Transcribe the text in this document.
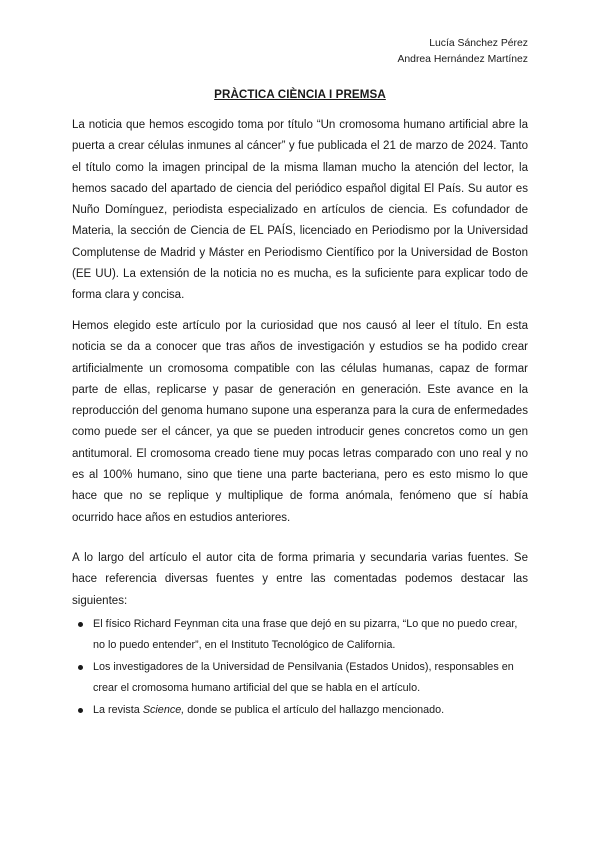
Lucía Sánchez Pérez
Andrea Hernández Martínez
PRÀCTICA CIÈNCIA I PREMSA

La noticia que hemos escogido toma por título “Un cromosoma humano artificial abre la puerta a crear células inmunes al cáncer” y fue publicada el 21 de marzo de 2024. Tanto el título como la imagen principal de la misma llaman mucho la atención del lector, la hemos sacado del apartado de ciencia del periódico español digital El País. Su autor es Nuño Domínguez, periodista especializado en artículos de ciencia. Es cofundador de Materia, la sección de Ciencia de EL PAÍS, licenciado en Periodismo por la Universidad Complutense de Madrid y Máster en Periodismo Científico por la Universidad de Boston (EE UU). La extensión de la noticia no es mucha, es la suficiente para explicar todo de forma clara y concisa.

Hemos elegido este artículo por la curiosidad que nos causó al leer el título. En esta noticia se da a conocer que tras años de investigación y estudios se ha podido crear artificialmente un cromosoma compatible con las células humanas, capaz de formar parte de ellas, replicarse y pasar de generación en generación. Este avance en la reproducción del genoma humano supone una esperanza para la cura de enfermedades como puede ser el cáncer, ya que se pueden introducir genes concretos como un gen antitumoral. El cromosoma creado tiene muy pocas letras comparado con uno real y no es al 100% humano, sino que tiene una parte bacteriana, pero es esto mismo lo que hace que no se replique y multiplique de forma anómala, fenómeno que sí había ocurrido hace años en estudios anteriores.

A lo largo del artículo el autor cita de forma primaria y secundaria varias fuentes. Se hace referencia diversas fuentes y entre las comentadas podemos destacar las siguientes:

El físico Richard Feynman cita una frase que dejó en su pizarra, “Lo que no puedo crear, no lo puedo entender”, en el Instituto Tecnológico de California.
Los investigadores de la Universidad de Pensilvania (Estados Unidos), responsables en crear el cromosoma humano artificial del que se habla en el artículo.
La revista Science, donde se publica el artículo del hallazgo mencionado.
